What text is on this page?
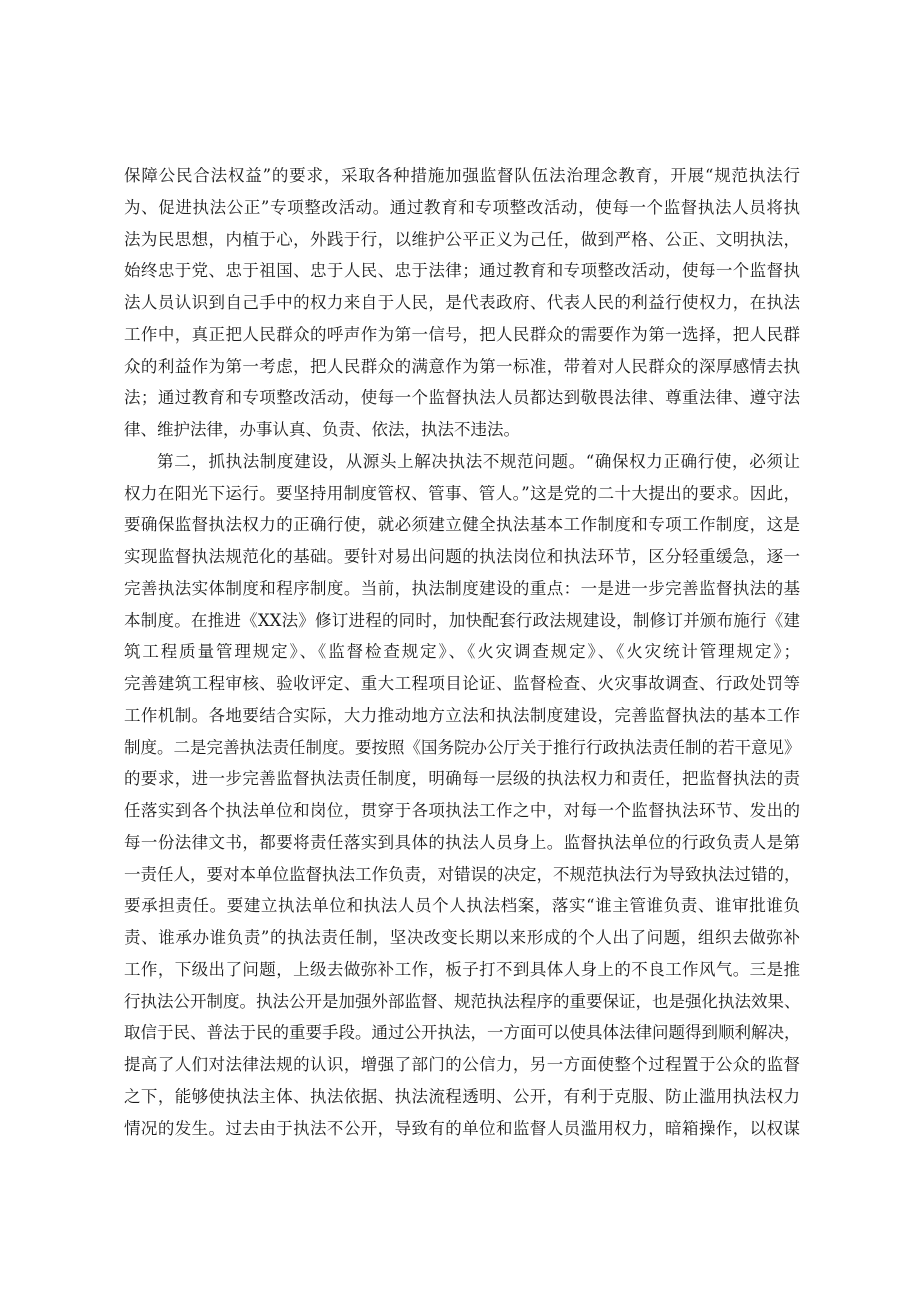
保障公民合法权益”的要求，采取各种措施加强监督队伍法治理念教育，开展“规范执法行
为、促进执法公正”专项整改活动。通过教育和专项整改活动，使每一个监督执法人员将执
法为民思想，内植于心，外践于行，以维护公平正义为己任，做到严格、公正、文明执法，
始终忠于党、忠于祖国、忠于人民、忠于法律；通过教育和专项整改活动，使每一个监督执
法人员认识到自己手中的权力来自于人民，是代表政府、代表人民的利益行使权力，在执法
工作中，真正把人民群众的呼声作为第一信号，把人民群众的需要作为第一选择，把人民群
众的利益作为第一考虑，把人民群众的满意作为第一标准，带着对人民群众的深厚感情去执
法；通过教育和专项整改活动，使每一个监督执法人员都达到敬畏法律、尊重法律、遵守法
律、维护法律，办事认真、负责、依法，执法不违法。
第二，抓执法制度建设，从源头上解决执法不规范问题。“确保权力正确行使，必须让
权力在阳光下运行。要坚持用制度管权、管事、管人。”这是党的二十大提出的要求。因此，
要确保监督执法权力的正确行使，就必须建立健全执法基本工作制度和专项工作制度，这是
实现监督执法规范化的基础。要针对易出问题的执法岗位和执法环节，区分轻重缓急，逐一
完善执法实体制度和程序制度。当前，执法制度建设的重点：一是进一步完善监督执法的基
本制度。在推进《XX法》修订进程的同时，加快配套行政法规建设，制修订并颁布施行《建
筑工程质量管理规定》、《监督检查规定》、《火灾调查规定》、《火灾统计管理规定》；
完善建筑工程审核、验收评定、重大工程项目论证、监督检查、火灾事故调查、行政处罚等
工作机制。各地要结合实际，大力推动地方立法和执法制度建设，完善监督执法的基本工作
制度。二是完善执法责任制度。要按照《国务院办公厅关于推行行政执法责任制的若干意见》
的要求，进一步完善监督执法责任制度，明确每一层级的执法权力和责任，把监督执法的责
任落实到各个执法单位和岗位，贯穿于各项执法工作之中，对每一个监督执法环节、发出的
每一份法律文书，都要将责任落实到具体的执法人员身上。监督执法单位的行政负责人是第
一责任人，要对本单位监督执法工作负责，对错误的决定，不规范执法行为导致执法过错的，
要承担责任。要建立执法单位和执法人员个人执法档案，落实“谁主管谁负责、谁审批谁负
责、谁承办谁负责”的执法责任制，坚决改变长期以来形成的个人出了问题，组织去做弥补
工作，下级出了问题，上级去做弥补工作，板子打不到具体人身上的不良工作风气。三是推
行执法公开制度。执法公开是加强外部监督、规范执法程序的重要保证，也是强化执法效果、
取信于民、普法于民的重要手段。通过公开执法，一方面可以使具体法律问题得到顺利解决，
提高了人们对法律法规的认识，增强了部门的公信力，另一方面使整个过程置于公众的监督
之下，能够使执法主体、执法依据、执法流程透明、公开，有利于克服、防止滥用执法权力
情况的发生。过去由于执法不公开，导致有的单位和监督人员滥用权力，暗箱操作，以权谋
